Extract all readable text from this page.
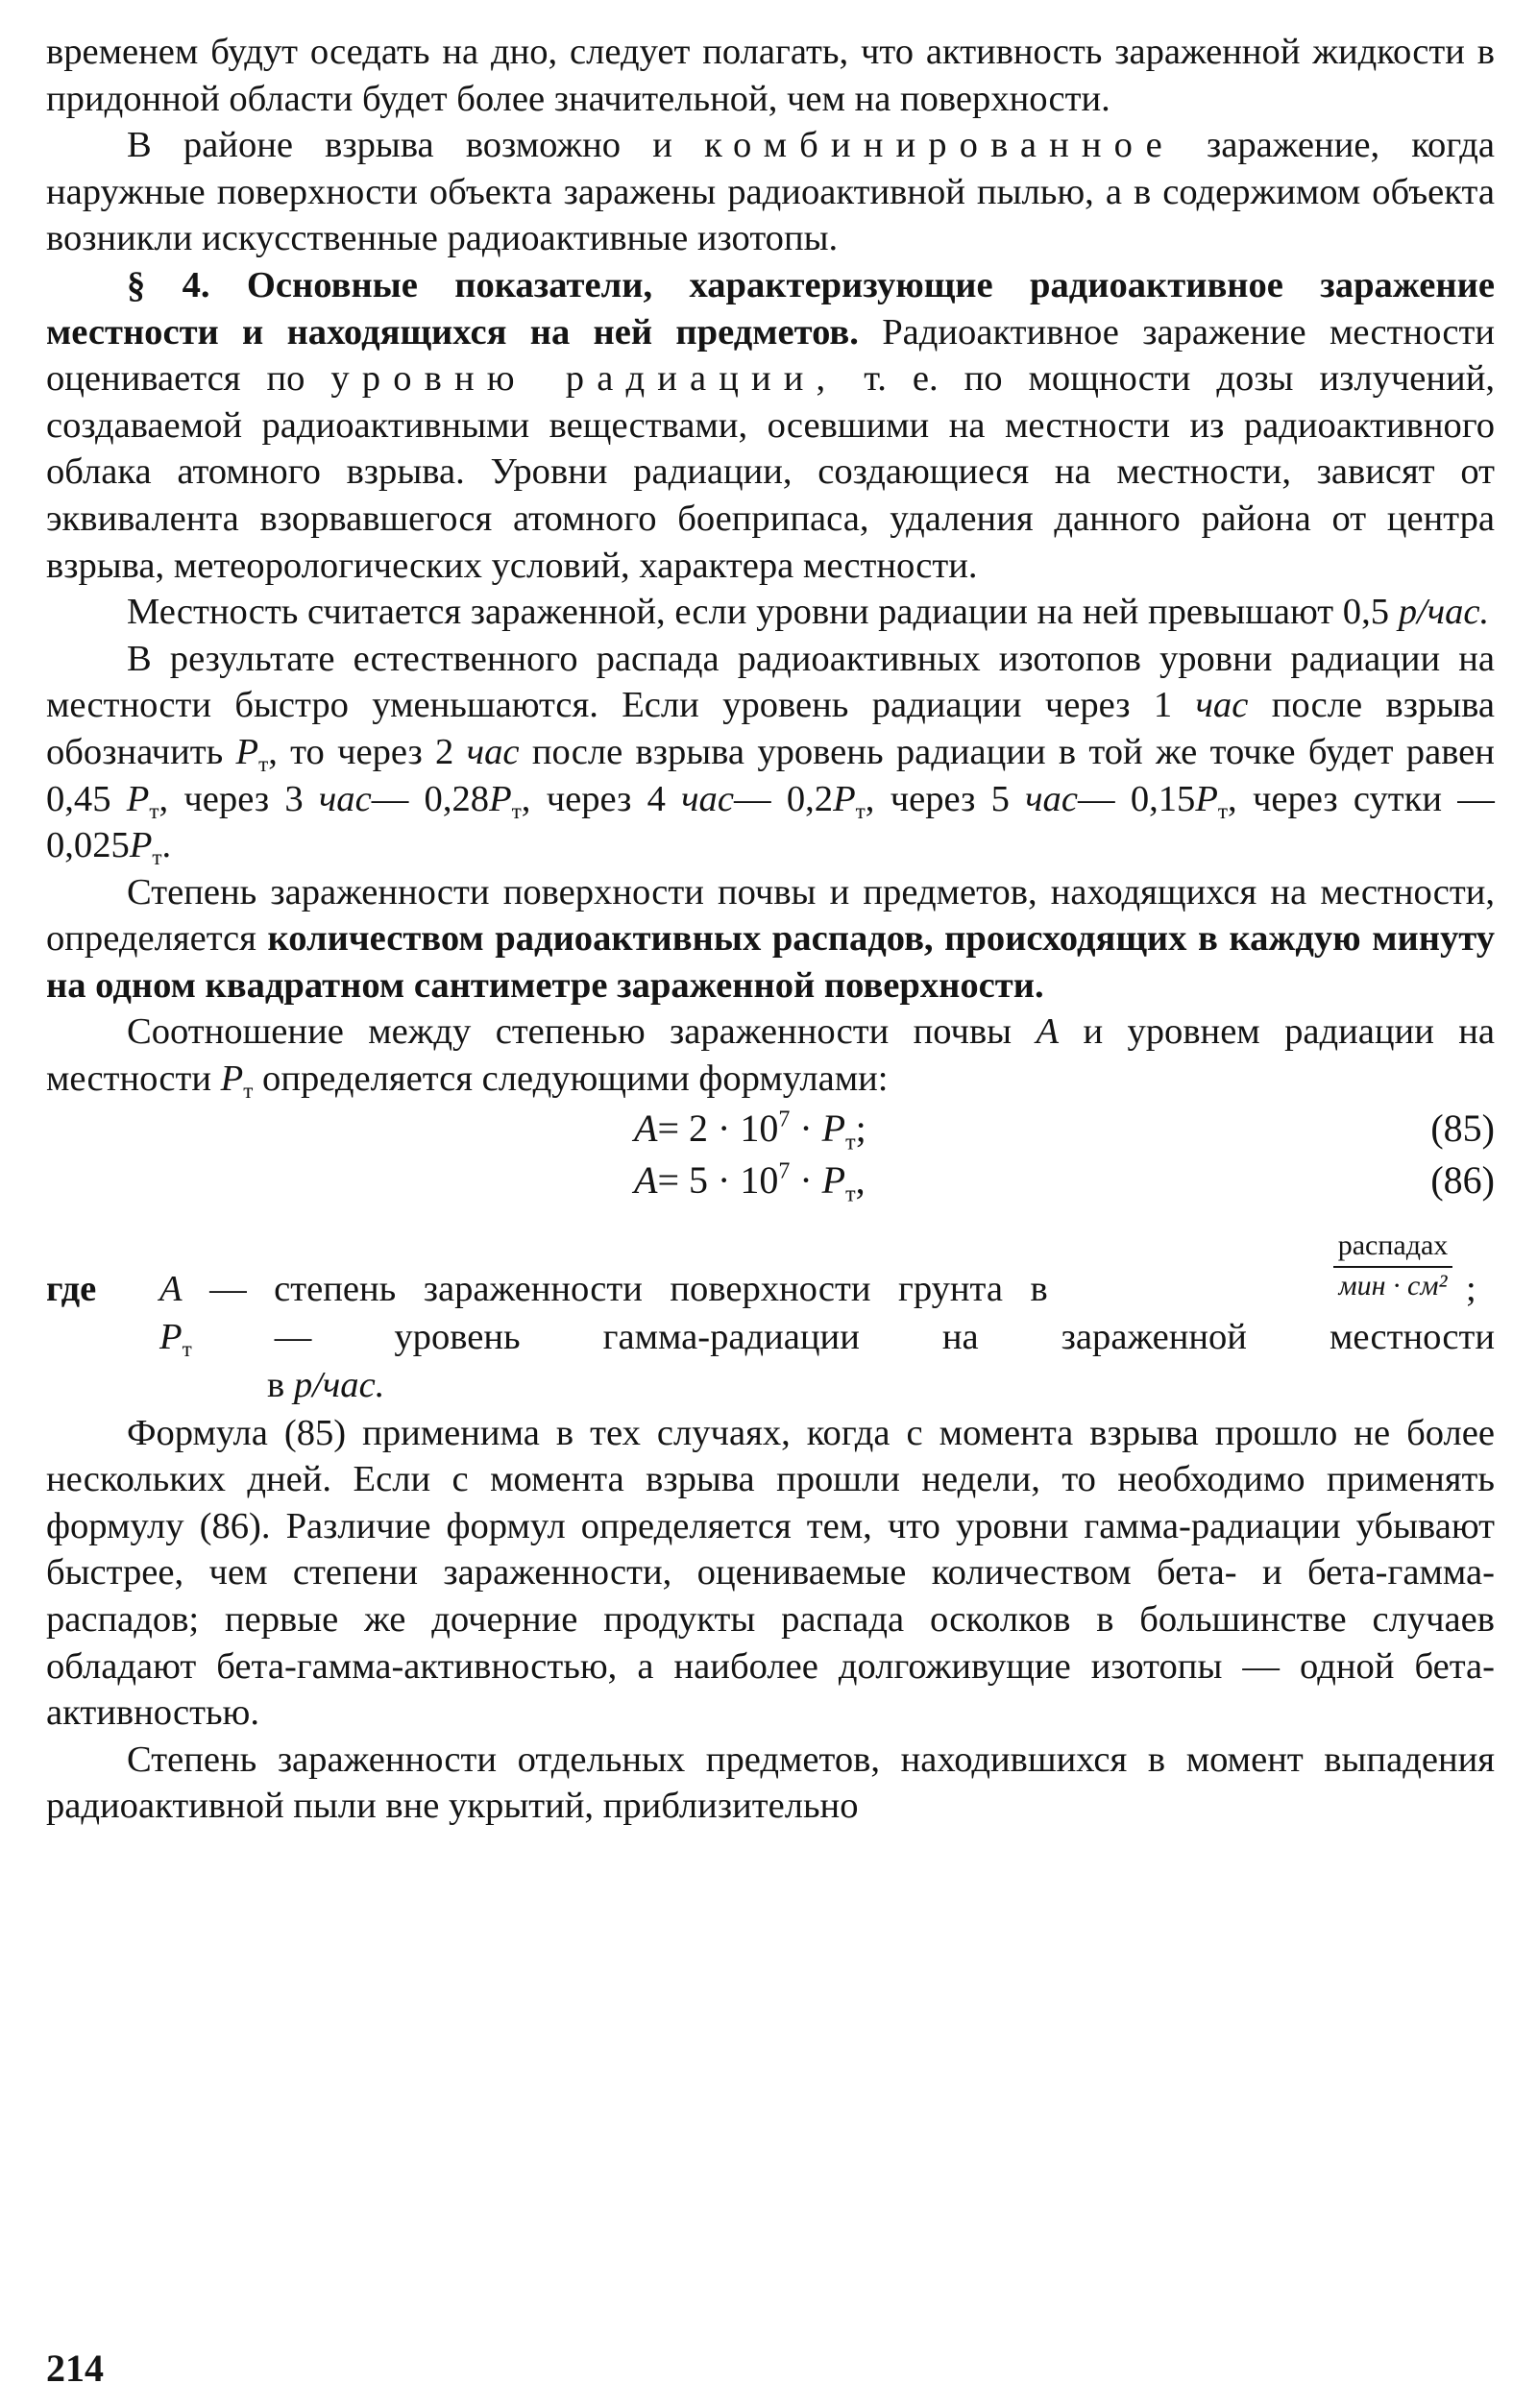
временем будут оседать на дно, следует полагать, что активность зараженной жидкости в придонной области будет более значительной, чем на поверхности.

В районе взрыва возможно и комбинированное заражение, когда наружные поверхности объекта заражены радиоактивной пылью, а в содержимом объекта возникли искусственные радиоактивные изотопы.

§ 4. Основные показатели, характеризующие радиоактивное заражение местности и находящихся на ней предметов. Радиоактивное заражение местности оценивается по уровню радиации, т. е. по мощности дозы излучений, создаваемой радиоактивными веществами, осевшими на местности из радиоактивного облака атомного взрыва. Уровни радиации, создающиеся на местности, зависят от эквивалента взорвавшегося атомного боеприпаса, удаления данного района от центра взрыва, метеорологических условий, характера местности.

Местность считается зараженной, если уровни радиации на ней превышают 0,5 р/час.

В результате естественного распада радиоактивных изотопов уровни радиации на местности быстро уменьшаются. Если уровень радиации через 1 час после взрыва обозначить $P_т$, то через 2 час после взрыва уровень радиации в той же точке будет равен 0,45 $P_т$, через 3 час— $0,28P_т$, через 4 час— $0,2P_т$, через 5 час— $0,15P_т$, через сутки — $0,025P_т$.

Степень зараженности поверхности почвы и предметов, находящихся на местности, определяется количеством радиоактивных распадов, происходящих в каждую минуту на одном квадратном сантиметре зараженной поверхности.

Соотношение между степенью зараженности почвы A и уровнем радиации на местности $P_т$ определяется следующими формулами:

$A= 2 \cdot 10^7 \cdot P_т$;	(85)
$A= 5 \cdot 10^7 \cdot P_т$,	(86)
где A — степень зараженности поверхности грунта в
распадах
мин · см² ;
$P_т$ — уровень гамма-радиации на зараженной местности
в р/час.

Формула (85) применима в тех случаях, когда с момента взрыва прошло не более нескольких дней. Если с момента взрыва прошли недели, то необходимо применять формулу (86). Различие формул определяется тем, что уровни гамма-радиации убывают быстрее, чем степени зараженности, оцениваемые количеством бета- и бета-гамма-распадов; первые же дочерние продукты распада осколков в большинстве случаев обладают бета-гамма-активностью, а наиболее долгоживущие изотопы — одной бета-активностью.

Степень зараженности отдельных предметов, находившихся в момент выпадения радиоактивной пыли вне укрытий, приблизительно

214
